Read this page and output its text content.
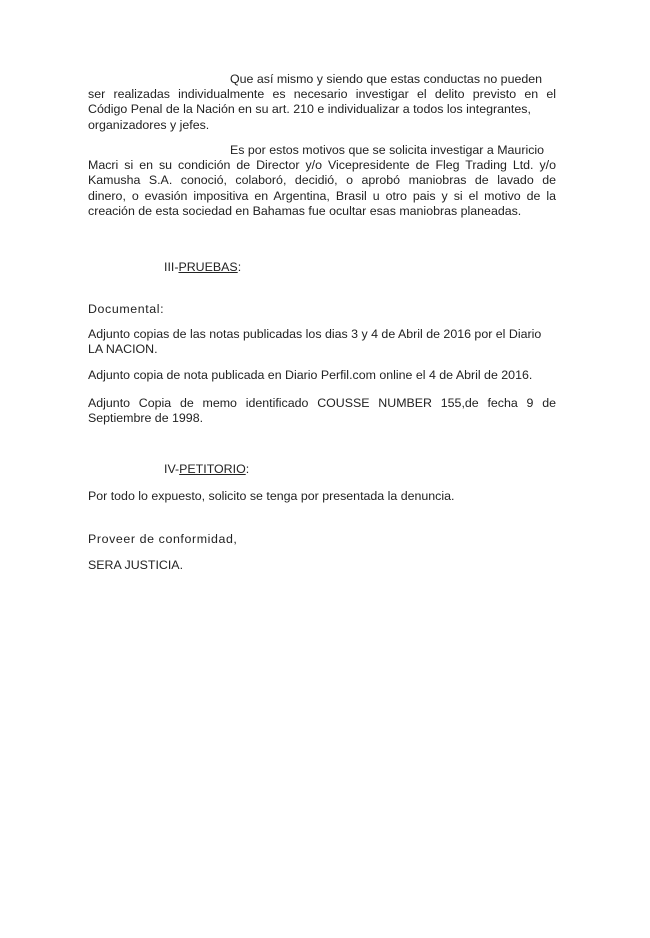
Que así mismo y siendo que estas conductas no pueden
ser realizadas individualmente es necesario investigar el delito previsto en el
Código Penal de la Nación en su art. 210 e individualizar a todos los integrantes,
organizadores y jefes.
Es por estos motivos que se solicita investigar a Mauricio
Macri si en su condición de Director y/o Vicepresidente de Fleg Trading Ltd. y/o
Kamusha S.A. conoció, colaboró, decidió, o aprobó maniobras de lavado de
dinero, o evasión impositiva en Argentina, Brasil u otro pais y si el motivo de la
creación de esta sociedad en Bahamas fue ocultar esas maniobras planeadas.
III-PRUEBAS:
Documental:
Adjunto copias de las notas publicadas los dias 3 y 4 de Abril de 2016 por el Diario
LA NACION.
Adjunto copia de nota publicada en Diario Perfil.com online el 4 de Abril de 2016.
Adjunto Copia de memo identificado COUSSE NUMBER 155,de fecha 9 de
Septiembre de 1998.
IV-PETITORIO:
Por todo lo expuesto, solicito se tenga por presentada la denuncia.
Proveer de conformidad,
SERA JUSTICIA.
